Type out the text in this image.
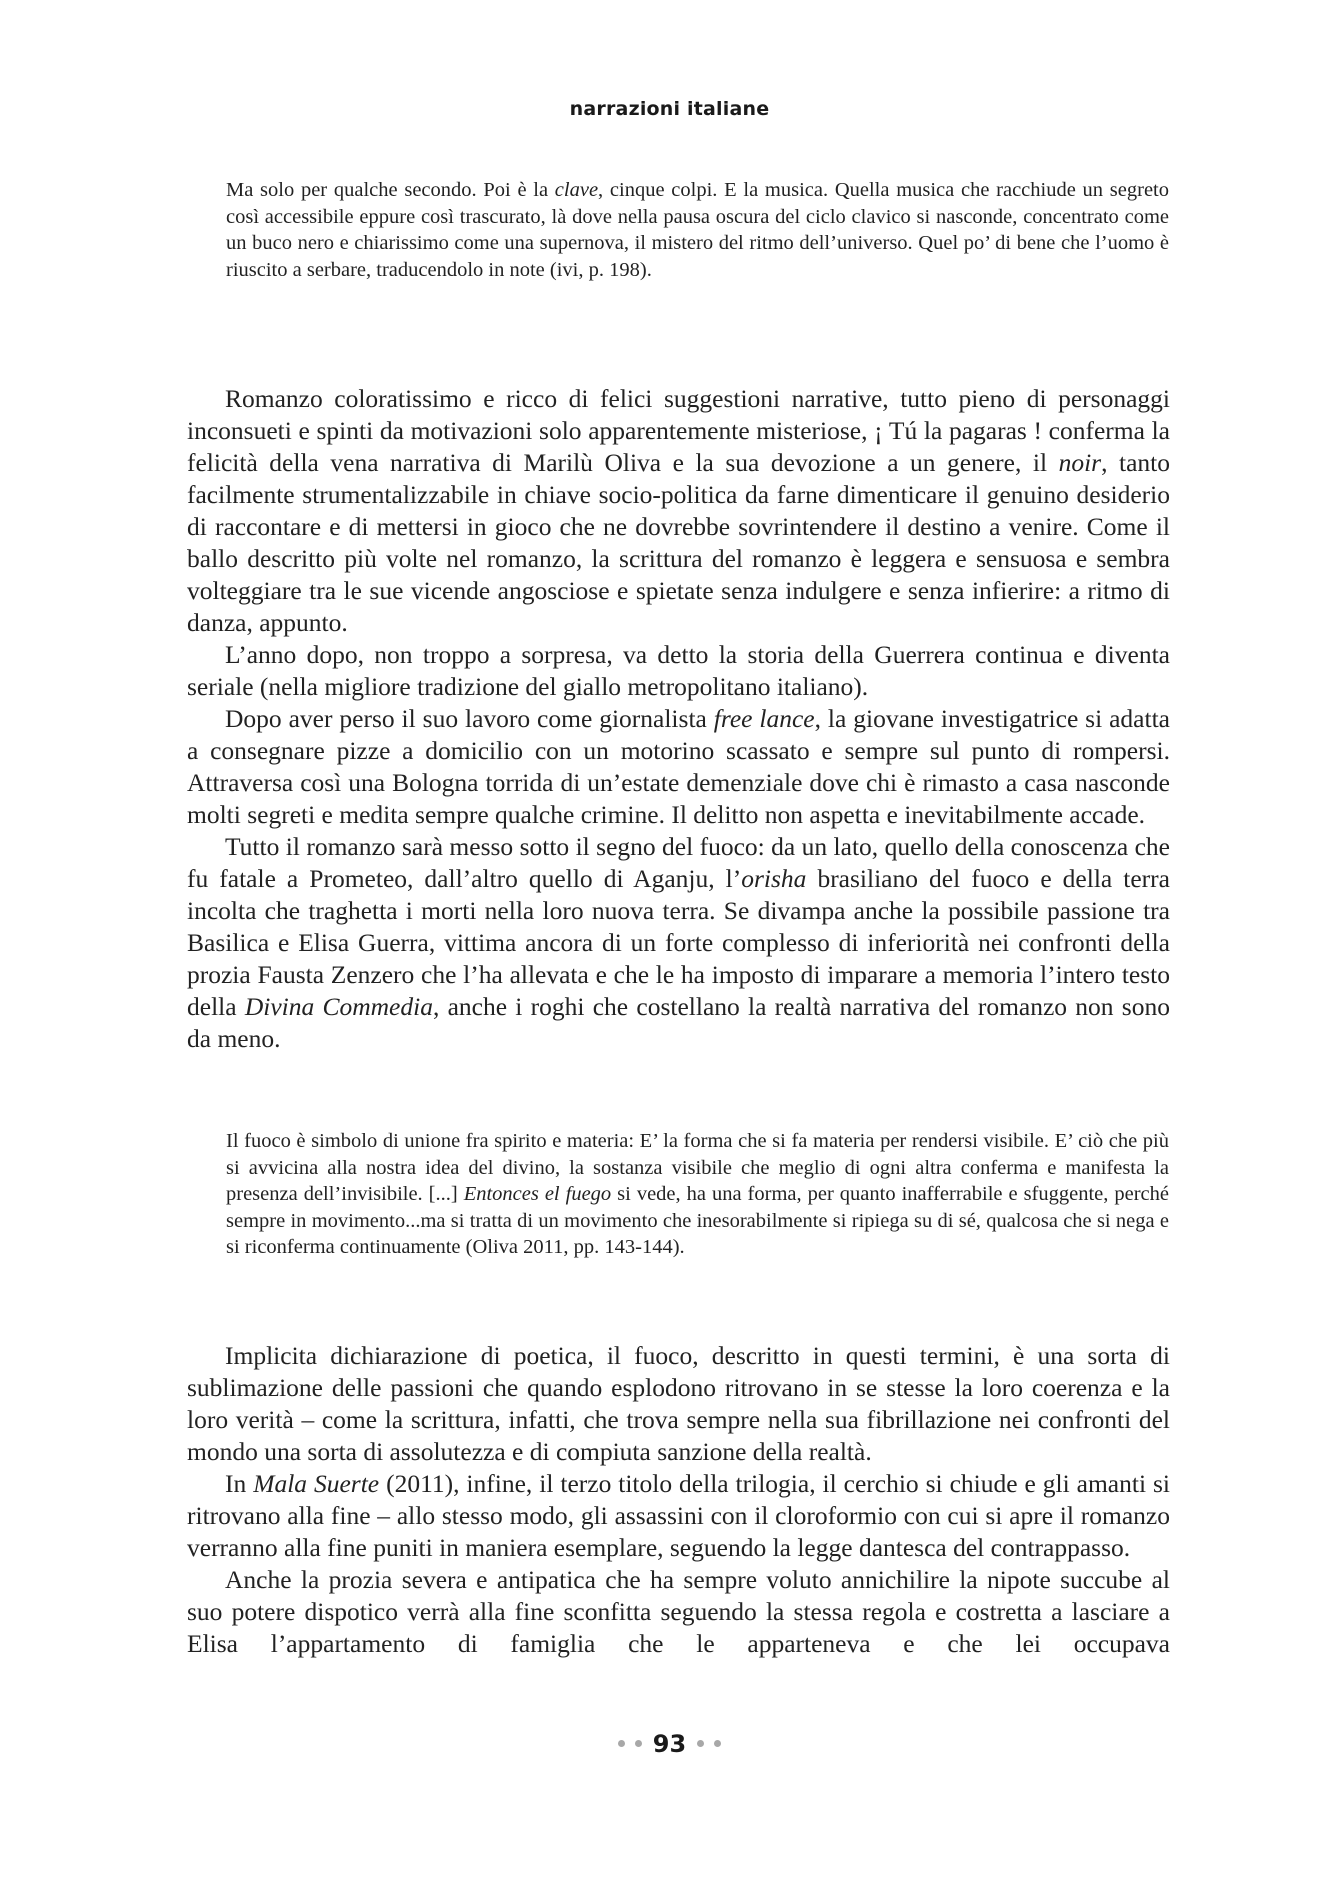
narrazioni italiane

Ma solo per qualche secondo. Poi è la clave, cinque colpi. E la musica. Quella musica che racchiude un segreto così accessibile eppure così trascurato, là dove nella pausa oscura del ciclo clavico si nasconde, concentrato come un buco nero e chiarissimo come una supernova, il mistero del ritmo dell’universo. Quel po’ di bene che l’uomo è riuscito a serbare, traducendolo in note (ivi, p. 198).

Romanzo coloratissimo e ricco di felici suggestioni narrative, tutto pieno di personaggi inconsueti e spinti da motivazioni solo apparentemente misteriose, ¡ Tú la pagaras ! conferma la felicità della vena narrativa di Marilù Oliva e la sua devozione a un genere, il noir, tanto facilmente strumentalizzabile in chiave socio-politica da farne dimenticare il genuino desiderio di raccontare e di mettersi in gioco che ne dovrebbe sovrintendere il destino a venire. Come il ballo descritto più volte nel romanzo, la scrittura del romanzo è leggera e sensuosa e sembra volteggiare tra le sue vicende angosciose e spietate senza indulgere e senza infierire: a ritmo di danza, appunto.

L’anno dopo, non troppo a sorpresa, va detto la storia della Guerrera continua e diventa seriale (nella migliore tradizione del giallo metropolitano italiano).

Dopo aver perso il suo lavoro come giornalista free lance, la giovane investigatrice si adatta a consegnare pizze a domicilio con un motorino scassato e sempre sul punto di rompersi. Attraversa così una Bologna torrida di un’estate demenziale dove chi è rimasto a casa nasconde molti segreti e medita sempre qualche crimine. Il delitto non aspetta e inevitabilmente accade.

Tutto il romanzo sarà messo sotto il segno del fuoco: da un lato, quello della conoscenza che fu fatale a Prometeo, dall’altro quello di Aganju, l’orisha brasiliano del fuoco e della terra incolta che traghetta i morti nella loro nuova terra. Se divampa anche la possibile passione tra Basilica e Elisa Guerra, vittima ancora di un forte complesso di inferiorità nei confronti della prozia Fausta Zenzero che l’ha allevata e che le ha imposto di imparare a memoria l’intero testo della Divina Commedia, anche i roghi che costellano la realtà narrativa del romanzo non sono da meno.

Il fuoco è simbolo di unione fra spirito e materia: E’ la forma che si fa materia per rendersi visibile. E’ ciò che più si avvicina alla nostra idea del divino, la sostanza visibile che meglio di ogni altra conferma e manifesta la presenza dell’invisibile. [...] Entonces el fuego si vede, ha una forma, per quanto inafferrabile e sfuggente, perché sempre in movimento...ma si tratta di un movimento che inesorabilmente si ripiega su di sé, qualcosa che si nega e si riconferma continuamente (Oliva 2011, pp. 143-144).

Implicita dichiarazione di poetica, il fuoco, descritto in questi termini, è una sorta di sublimazione delle passioni che quando esplodono ritrovano in se stesse la loro coerenza e la loro verità – come la scrittura, infatti, che trova sempre nella sua fibrillazione nei confronti del mondo una sorta di assolutezza e di compiuta sanzione della realtà.

In Mala Suerte (2011), infine, il terzo titolo della trilogia, il cerchio si chiude e gli amanti si ritrovano alla fine – allo stesso modo, gli assassini con il cloroformio con cui si apre il romanzo verranno alla fine puniti in maniera esemplare, seguendo la legge dantesca del contrappasso.

Anche la prozia severa e antipatica che ha sempre voluto annichilire la nipote succube al suo potere dispotico verrà alla fine sconfitta seguendo la stessa regola e costretta a lasciare a Elisa l’appartamento di famiglia che le apparteneva e che lei occupava

93
